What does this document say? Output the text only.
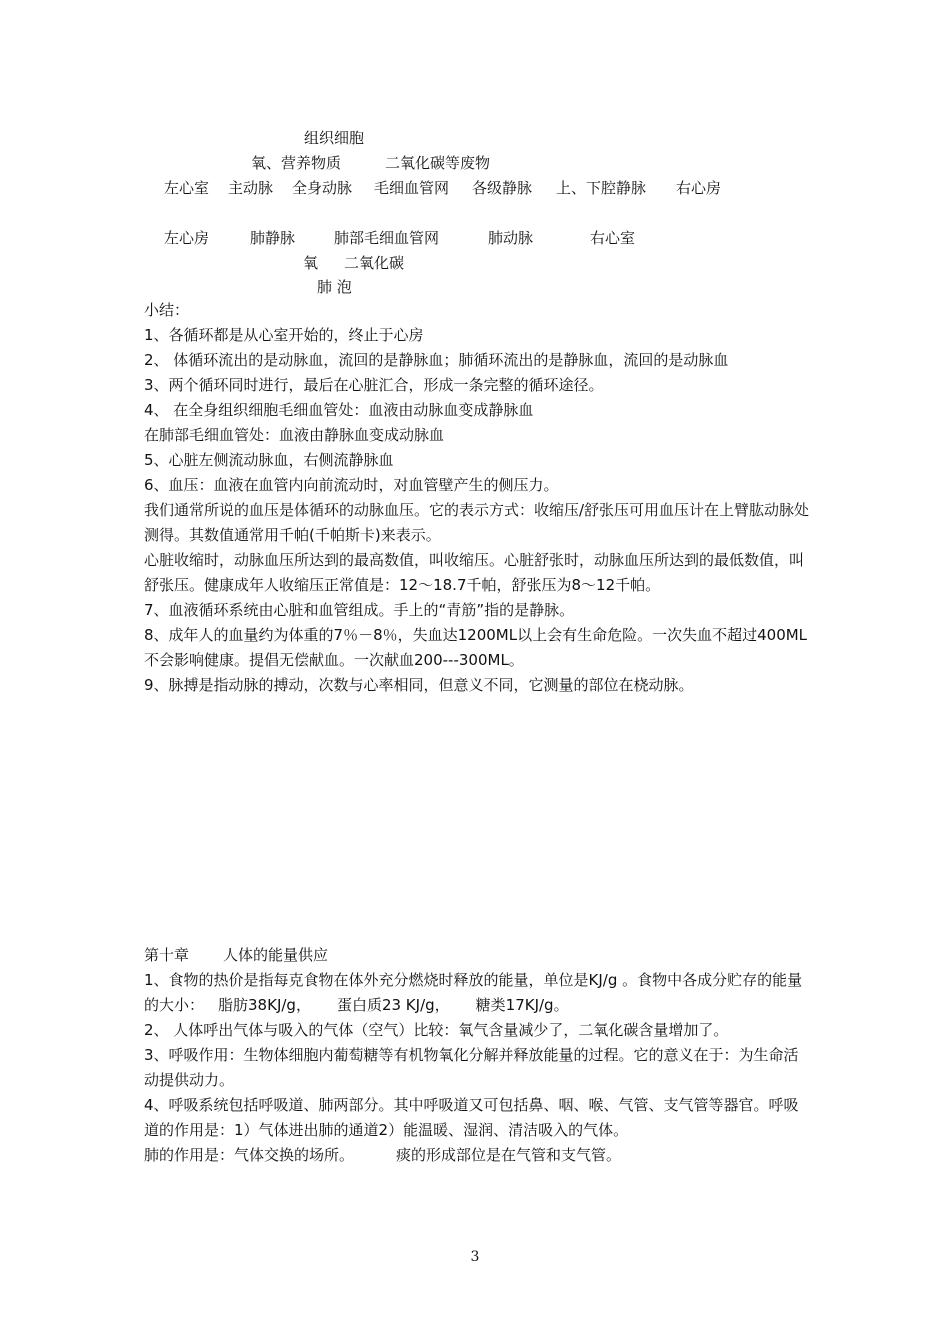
组织细胞
氧、营养物质	二氧化碳等废物
左心室 主动脉 全身动脉 毛细血管网 各级静脉 上、下腔静脉 右心房
左心房	肺静脉	肺部毛细血管网	肺动脉	右心室
氧 二氧化碳
肺 泡
小结：
1、各循环都是从心室开始的，终止于心房
2、 体循环流出的是动脉血，流回的是静脉血；肺循环流出的是静脉血，流回的是动脉血
3、两个循环同时进行，最后在心脏汇合，形成一条完整的循环途径。
4、 在全身组织细胞毛细血管处：血液由动脉血变成静脉血
在肺部毛细血管处：血液由静脉血变成动脉血
5、心脏左侧流动脉血，右侧流静脉血
6、血压：血液在血管内向前流动时，对血管壁产生的侧压力。
我们通常所说的血压是体循环的动脉血压。它的表示方式：收缩压/舒张压可用血压计在上臂肱动脉处测得。其数值通常用千帕(千帕斯卡)来表示。
心脏收缩时，动脉血压所达到的最高数值，叫收缩压。心脏舒张时，动脉血压所达到的最低数值，叫舒张压。健康成年人收缩压正常值是：12～18.7千帕，舒张压为8～12千帕。
7、血液循环系统由心脏和血管组成。手上的“青筋”指的是静脉。
8、成年人的血量约为体重的7％－8％，失血达1200ML以上会有生命危险。一次失血不超过400ML不会影响健康。提倡无偿献血。一次献血200---300ML。
9、脉搏是指动脉的搏动，次数与心率相同，但意义不同，它测量的部位在桡动脉。
第十章 人体的能量供应
1、食物的热价是指每克食物在体外充分燃烧时释放的能量，单位是KJ/g 。食物中各成分贮存的能量的大小： 脂肪38KJ/g， 蛋白质23 KJ/g， 糖类17KJ/g。
2、 人体呼出气体与吸入的气体（空气）比较：氧气含量减少了，二氧化碳含量增加了。
3、呼吸作用：生物体细胞内葡萄糖等有机物氧化分解并释放能量的过程。它的意义在于：为生命活动提供动力。
4、呼吸系统包括呼吸道、肺两部分。其中呼吸道又可包括鼻、咽、喉、气管、支气管等器官。呼吸道的作用是：1）气体进出肺的通道2）能温暖、湿润、清洁吸入的气体。
肺的作用是：气体交换的场所。	痰的形成部位是在气管和支气管。
3
